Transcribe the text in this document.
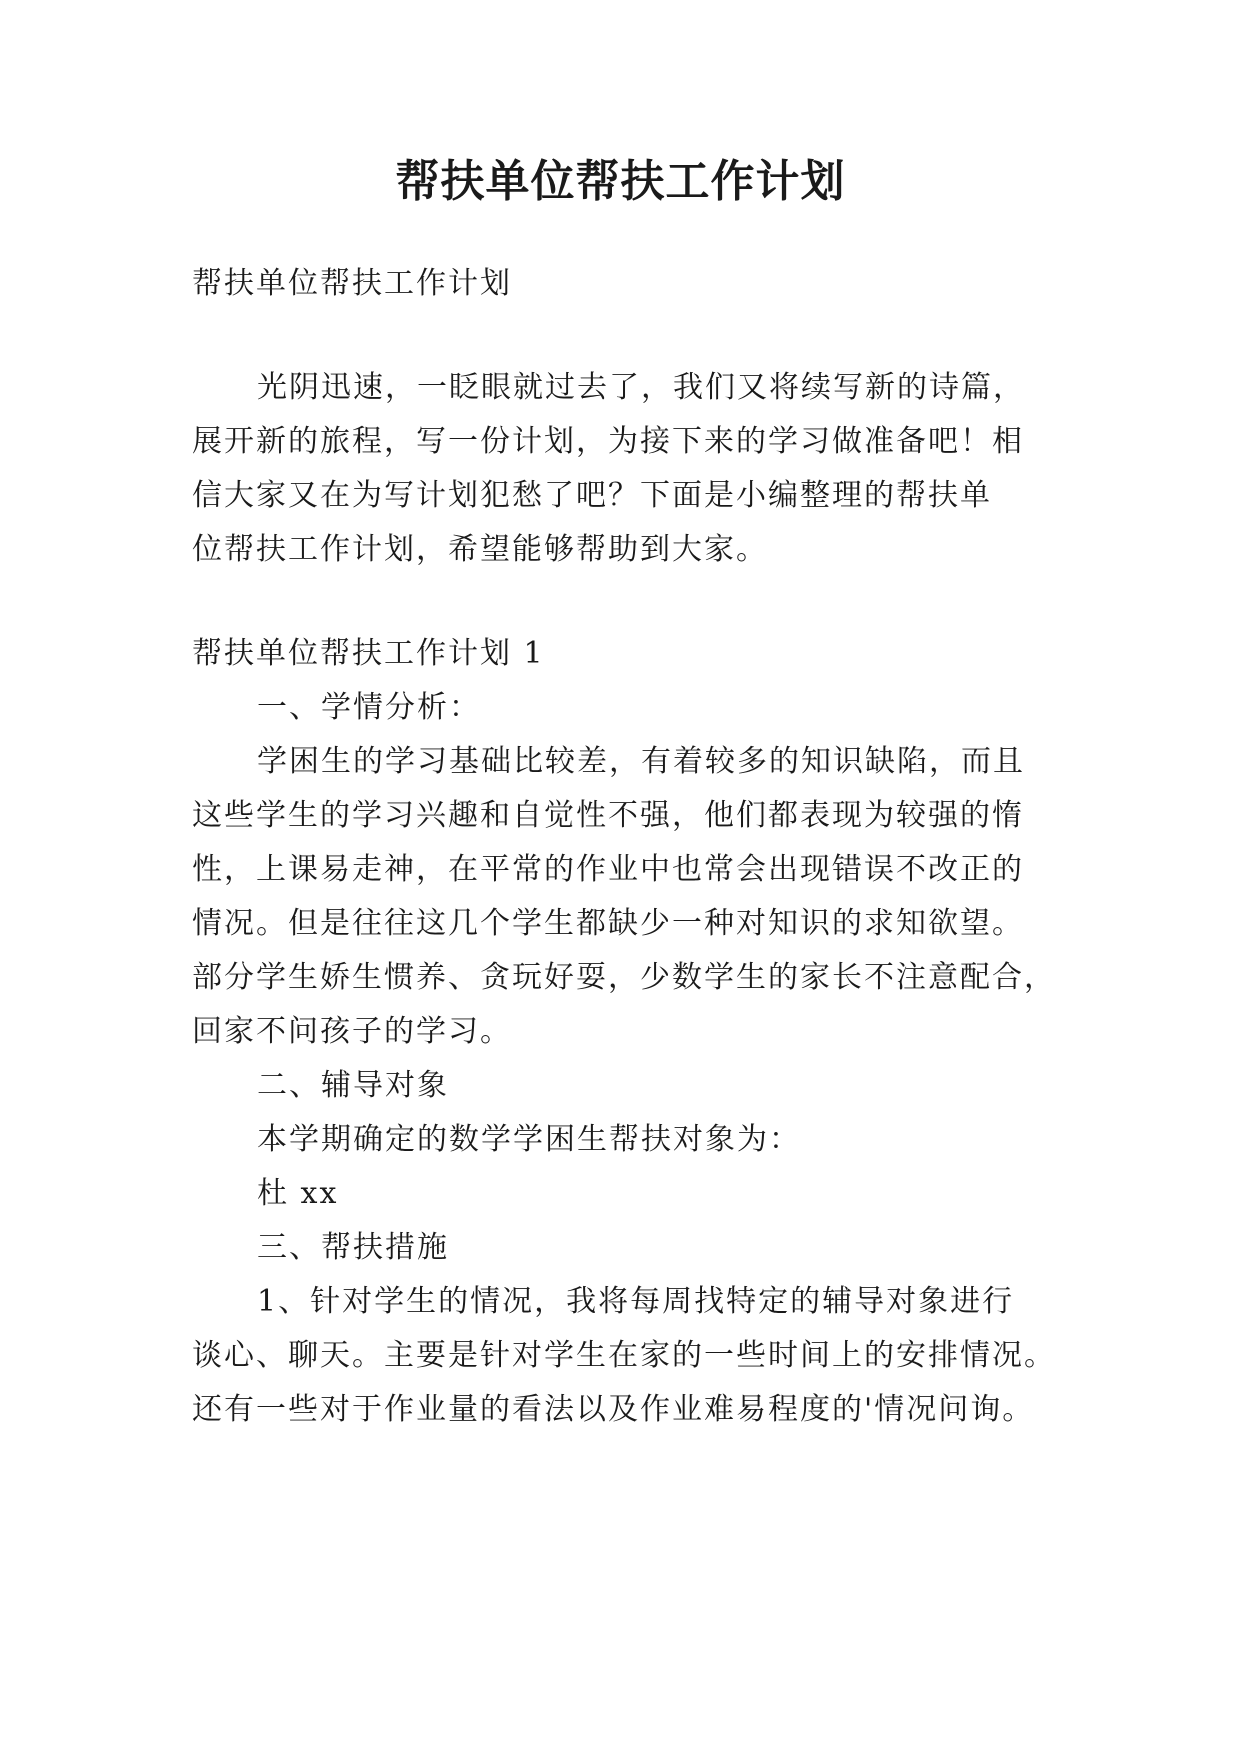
帮扶单位帮扶工作计划

帮扶单位帮扶工作计划

光阴迅速，一眨眼就过去了，我们又将续写新的诗篇，

展开新的旅程，写一份计划，为接下来的学习做准备吧！相

信大家又在为写计划犯愁了吧？下面是小编整理的帮扶单

位帮扶工作计划，希望能够帮助到大家。

帮扶单位帮扶工作计划 1

一、学情分析：

学困生的学习基础比较差，有着较多的知识缺陷，而且

这些学生的学习兴趣和自觉性不强，他们都表现为较强的惰

性，上课易走神，在平常的作业中也常会出现错误不改正的

情况。但是往往这几个学生都缺少一种对知识的求知欲望。

部分学生娇生惯养、贪玩好耍，少数学生的家长不注意配合，

回家不问孩子的学习。

二、辅导对象

本学期确定的数学学困生帮扶对象为：

杜 xx

三、帮扶措施

1、针对学生的情况，我将每周找特定的辅导对象进行

谈心、聊天。主要是针对学生在家的一些时间上的安排情况。

还有一些对于作业量的看法以及作业难易程度的'情况问询。
